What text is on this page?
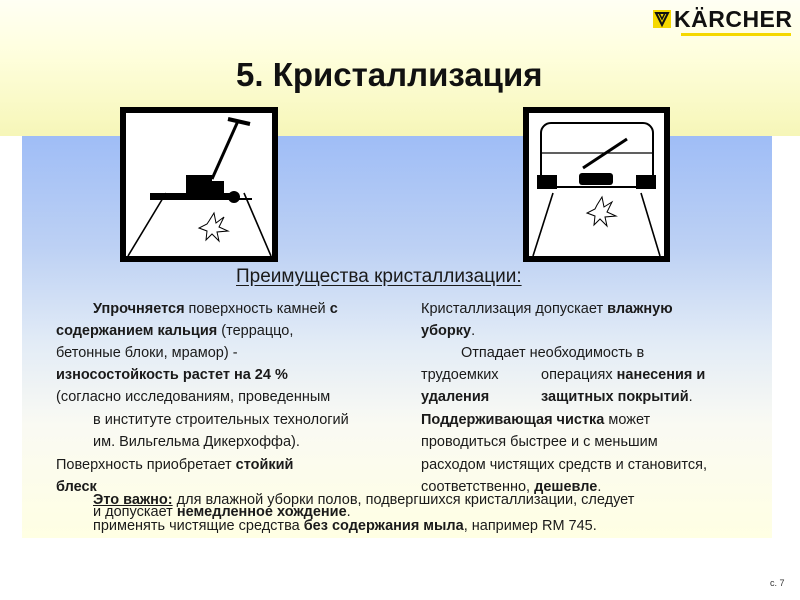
KÄRCHER
5. Кристаллизация
Преимущества кристаллизации:
Упрочняется поверхность камней с
содержанием кальция (терраццо,
бетонные блоки, мрамор) -
износостойкость растет на 24 %
(согласно исследованиям, проведенным
в институте строительных технологий
им. Вильгельма Дикерхоффа).
Поверхность приобретает стойкий
блеск
и допускает немедленное хождение.
Кристаллизация допускает влажную
уборку.
Отпадает необходимость в
трудоемких	операциях нанесения и
удаления	защитных покрытий.
Поддерживающая чистка может
проводиться быстрее и с меньшим
расходом чистящих средств и становится,
соответственно, дешевле.
Это важно: для влажной уборки полов, подвергшихся кристаллизации, следует
применять чистящие средства без содержания мыла, например RM 745.
с. 7
